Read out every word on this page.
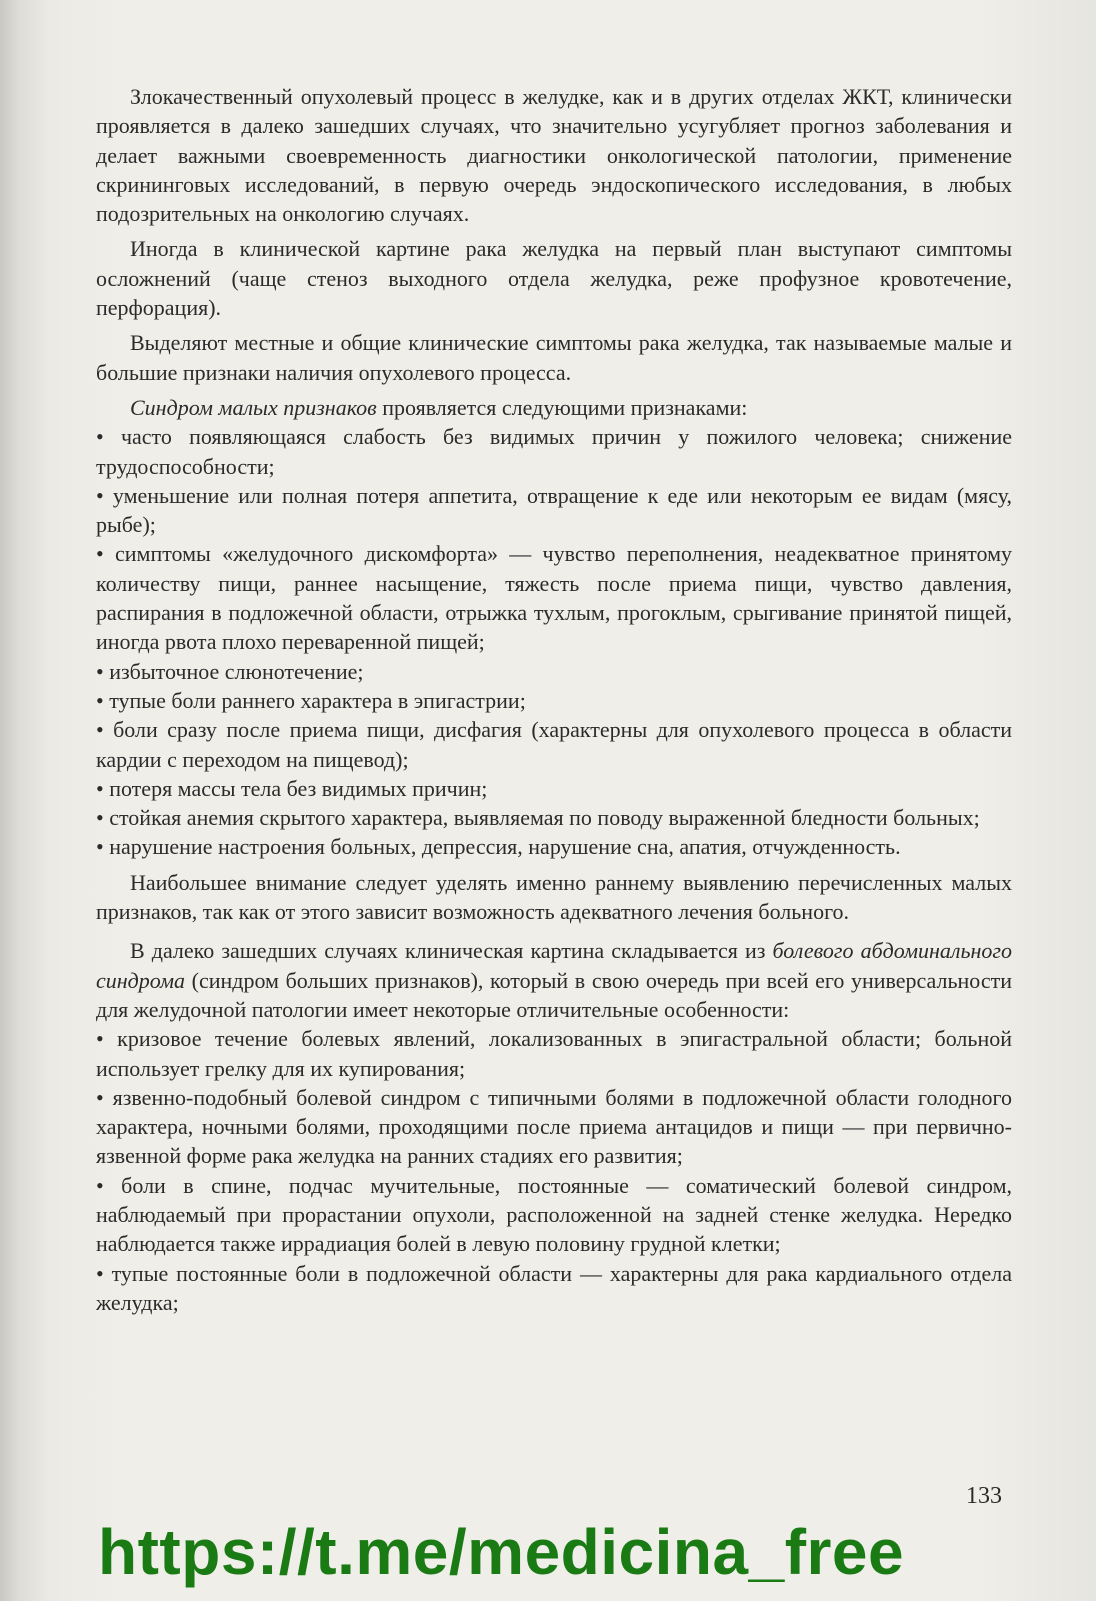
Злокачественный опухолевый процесс в желудке, как и в других отделах ЖКТ, клинически проявляется в далеко зашедших случаях, что значительно усугубляет прогноз заболевания и делает важными своевременность диагностики онкологической патологии, применение скрининговых исследований, в первую очередь эндоскопического исследования, в любых подозрительных на онкологию случаях.

Иногда в клинической картине рака желудка на первый план выступают симптомы осложнений (чаще стеноз выходного отдела желудка, реже профузное кровотечение, перфорация).

Выделяют местные и общие клинические симптомы рака желудка, так называемые малые и большие признаки наличия опухолевого процесса.

Синдром малых признаков проявляется следующими признаками:

• часто появляющаяся слабость без видимых причин у пожилого человека; снижение трудоспособности;

• уменьшение или полная потеря аппетита, отвращение к еде или некоторым ее видам (мясу, рыбе);

• симптомы «желудочного дискомфорта» — чувство переполнения, неадекватное принятому количеству пищи, раннее насыщение, тяжесть после приема пищи, чувство давления, распирания в подложечной области, отрыжка тухлым, прогоклым, срыгивание принятой пищей, иногда рвота плохо переваренной пищей;

• избыточное слюнотечение;

• тупые боли раннего характера в эпигастрии;

• боли сразу после приема пищи, дисфагия (характерны для опухолевого процесса в области кардии с переходом на пищевод);

• потеря массы тела без видимых причин;

• стойкая анемия скрытого характера, выявляемая по поводу выраженной бледности больных;

• нарушение настроения больных, депрессия, нарушение сна, апатия, отчужденность.

Наибольшее внимание следует уделять именно раннему выявлению перечисленных малых признаков, так как от этого зависит возможность адекватного лечения больного.

В далеко зашедших случаях клиническая картина складывается из болевого абдоминального синдрома (синдром больших признаков), который в свою очередь при всей его универсальности для желудочной патологии имеет некоторые отличительные особенности:

• кризовое течение болевых явлений, локализованных в эпигастральной области; больной использует грелку для их купирования;

• язвенно-подобный болевой синдром с типичными болями в подложечной области голодного характера, ночными болями, проходящими после приема антацидов и пищи — при первично-язвенной форме рака желудка на ранних стадиях его развития;

• боли в спине, подчас мучительные, постоянные — соматический болевой синдром, наблюдаемый при прорастании опухоли, расположенной на задней стенке желудка. Нередко наблюдается также иррадиация болей в левую половину грудной клетки;

• тупые постоянные боли в подложечной области — характерны для рака кардиального отдела желудка;

133
https://t.me/medicina_free
